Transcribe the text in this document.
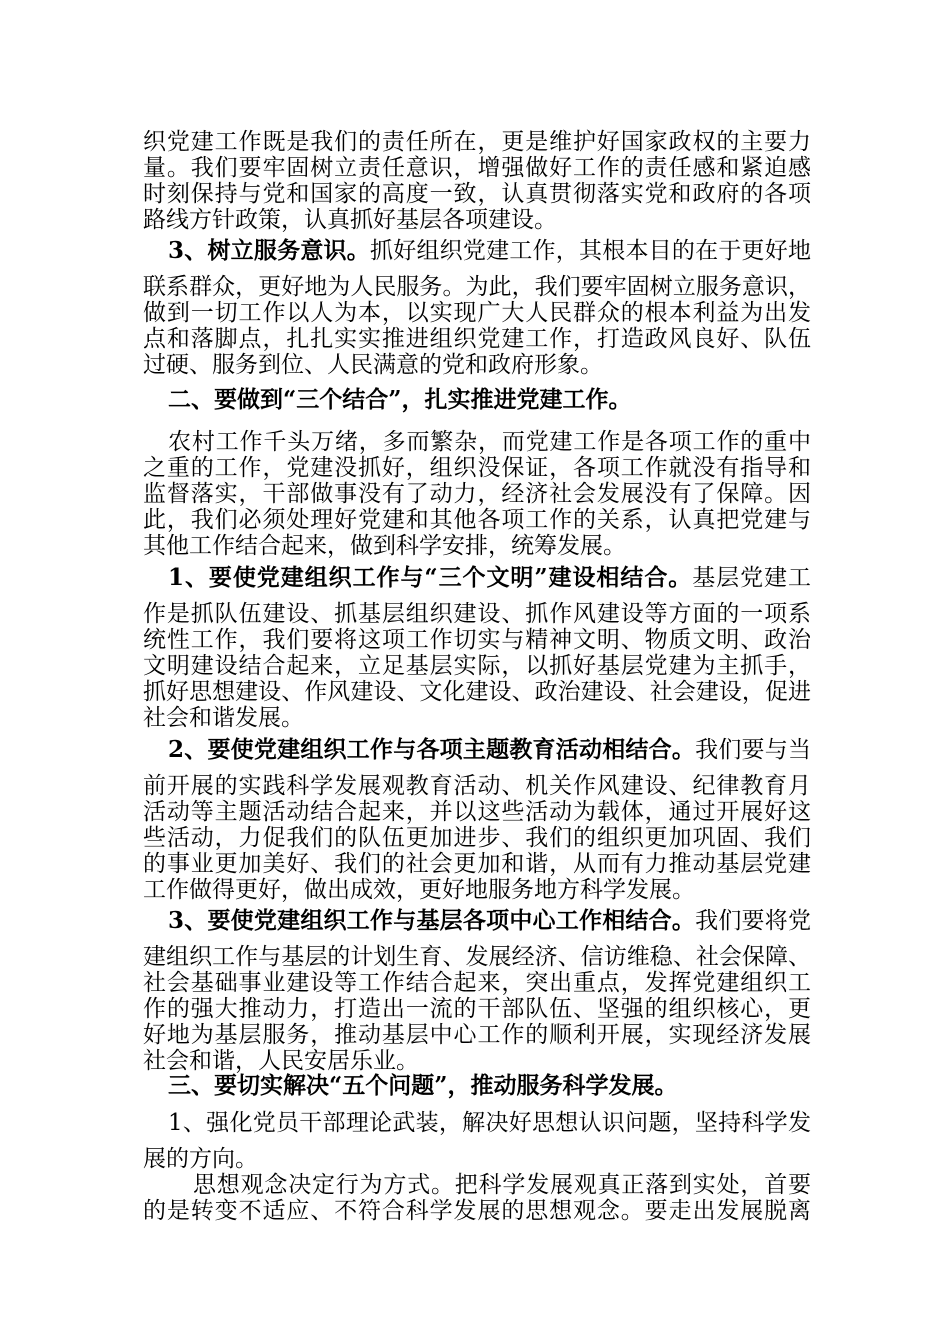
织党建工作既是我们的责任所在，更是维护好国家政权的主要力
量。我们要牢固树立责任意识，增强做好工作的责任感和紧迫感
时刻保持与党和国家的高度一致，认真贯彻落实党和政府的各项
路线方针政策，认真抓好基层各项建设。
3、树立服务意识。抓好组织党建工作，其根本目的在于更好地
联系群众，更好地为人民服务。为此，我们要牢固树立服务意识，
做到一切工作以人为本，以实现广大人民群众的根本利益为出发
点和落脚点，扎扎实实推进组织党建工作，打造政风良好、队伍
过硬、服务到位、人民满意的党和政府形象。
二、要做到“三个结合”，扎实推进党建工作。
农村工作千头万绪，多而繁杂，而党建工作是各项工作的重中
之重的工作，党建没抓好，组织没保证，各项工作就没有指导和
监督落实，干部做事没有了动力，经济社会发展没有了保障。因
此，我们必须处理好党建和其他各项工作的关系，认真把党建与
其他工作结合起来，做到科学安排，统筹发展。
1、要使党建组织工作与“三个文明”建设相结合。基层党建工
作是抓队伍建设、抓基层组织建设、抓作风建设等方面的一项系
统性工作，我们要将这项工作切实与精神文明、物质文明、政治
文明建设结合起来，立足基层实际，以抓好基层党建为主抓手，
抓好思想建设、作风建设、文化建设、政治建设、社会建设，促进
社会和谐发展。
2、要使党建组织工作与各项主题教育活动相结合。我们要与当
前开展的实践科学发展观教育活动、机关作风建设、纪律教育月
活动等主题活动结合起来，并以这些活动为载体，通过开展好这
些活动，力促我们的队伍更加进步、我们的组织更加巩固、我们
的事业更加美好、我们的社会更加和谐，从而有力推动基层党建
工作做得更好，做出成效，更好地服务地方科学发展。
3、要使党建组织工作与基层各项中心工作相结合。我们要将党
建组织工作与基层的计划生育、发展经济、信访维稳、社会保障、
社会基础事业建设等工作结合起来，突出重点，发挥党建组织工
作的强大推动力，打造出一流的干部队伍、坚强的组织核心，更
好地为基层服务，推动基层中心工作的顺利开展，实现经济发展
社会和谐，人民安居乐业。
三、要切实解决“五个问题”，推动服务科学发展。
1、强化党员干部理论武装，解决好思想认识问题，坚持科学发
展的方向。
思想观念决定行为方式。把科学发展观真正落到实处，首要
的是转变不适应、不符合科学发展的思想观念。要走出发展脱离
